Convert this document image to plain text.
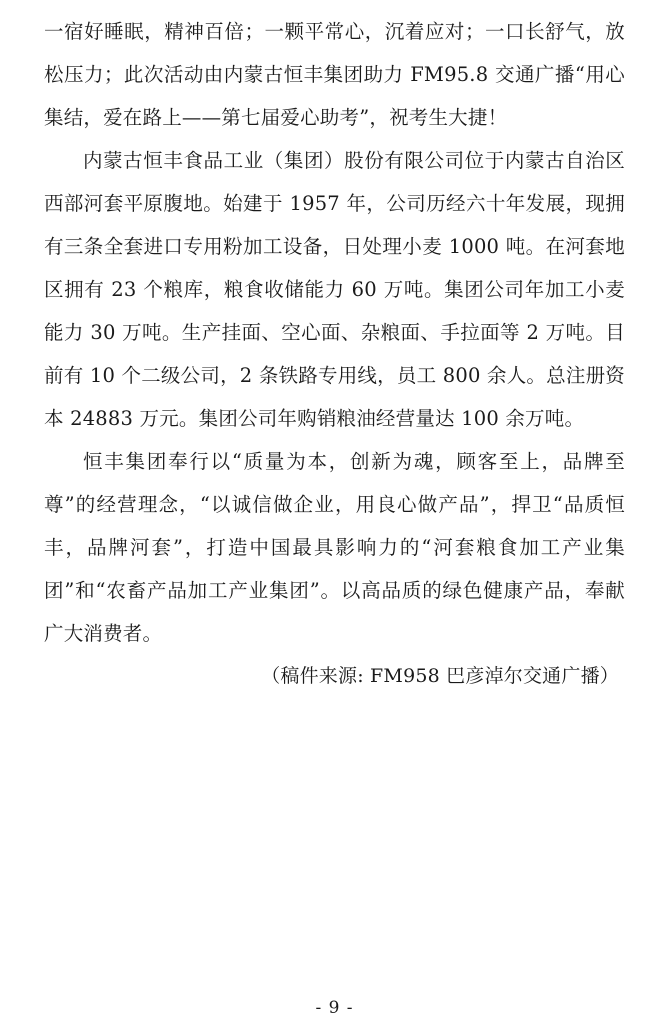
一宿好睡眠，精神百倍；一颗平常心，沉着应对；一口长舒气，放松压力；此次活动由内蒙古恒丰集团助力 FM95.8 交通广播“用心集结，爱在路上——第七届爱心助考”，祝考生大捷！

内蒙古恒丰食品工业（集团）股份有限公司位于内蒙古自治区西部河套平原腹地。始建于 1957 年，公司历经六十年发展，现拥有三条全套进口专用粉加工设备，日处理小麦 1000 吨。在河套地区拥有 23 个粮库，粮食收储能力 60 万吨。集团公司年加工小麦能力 30 万吨。生产挂面、空心面、杂粮面、手拉面等 2 万吨。目前有 10 个二级公司，2 条铁路专用线，员工 800 余人。总注册资本 24883 万元。集团公司年购销粮油经营量达 100 余万吨。

恒丰集团奉行以“质量为本，创新为魂，顾客至上，品牌至尊”的经营理念，“以诚信做企业，用良心做产品”，捍卫“品质恒丰，品牌河套”，打造中国最具影响力的“河套粮食加工产业集团”和“农畜产品加工产业集团”。以高品质的绿色健康产品，奉献广大消费者。

（稿件来源: FM958 巴彦淖尔交通广播）

- 9 -
